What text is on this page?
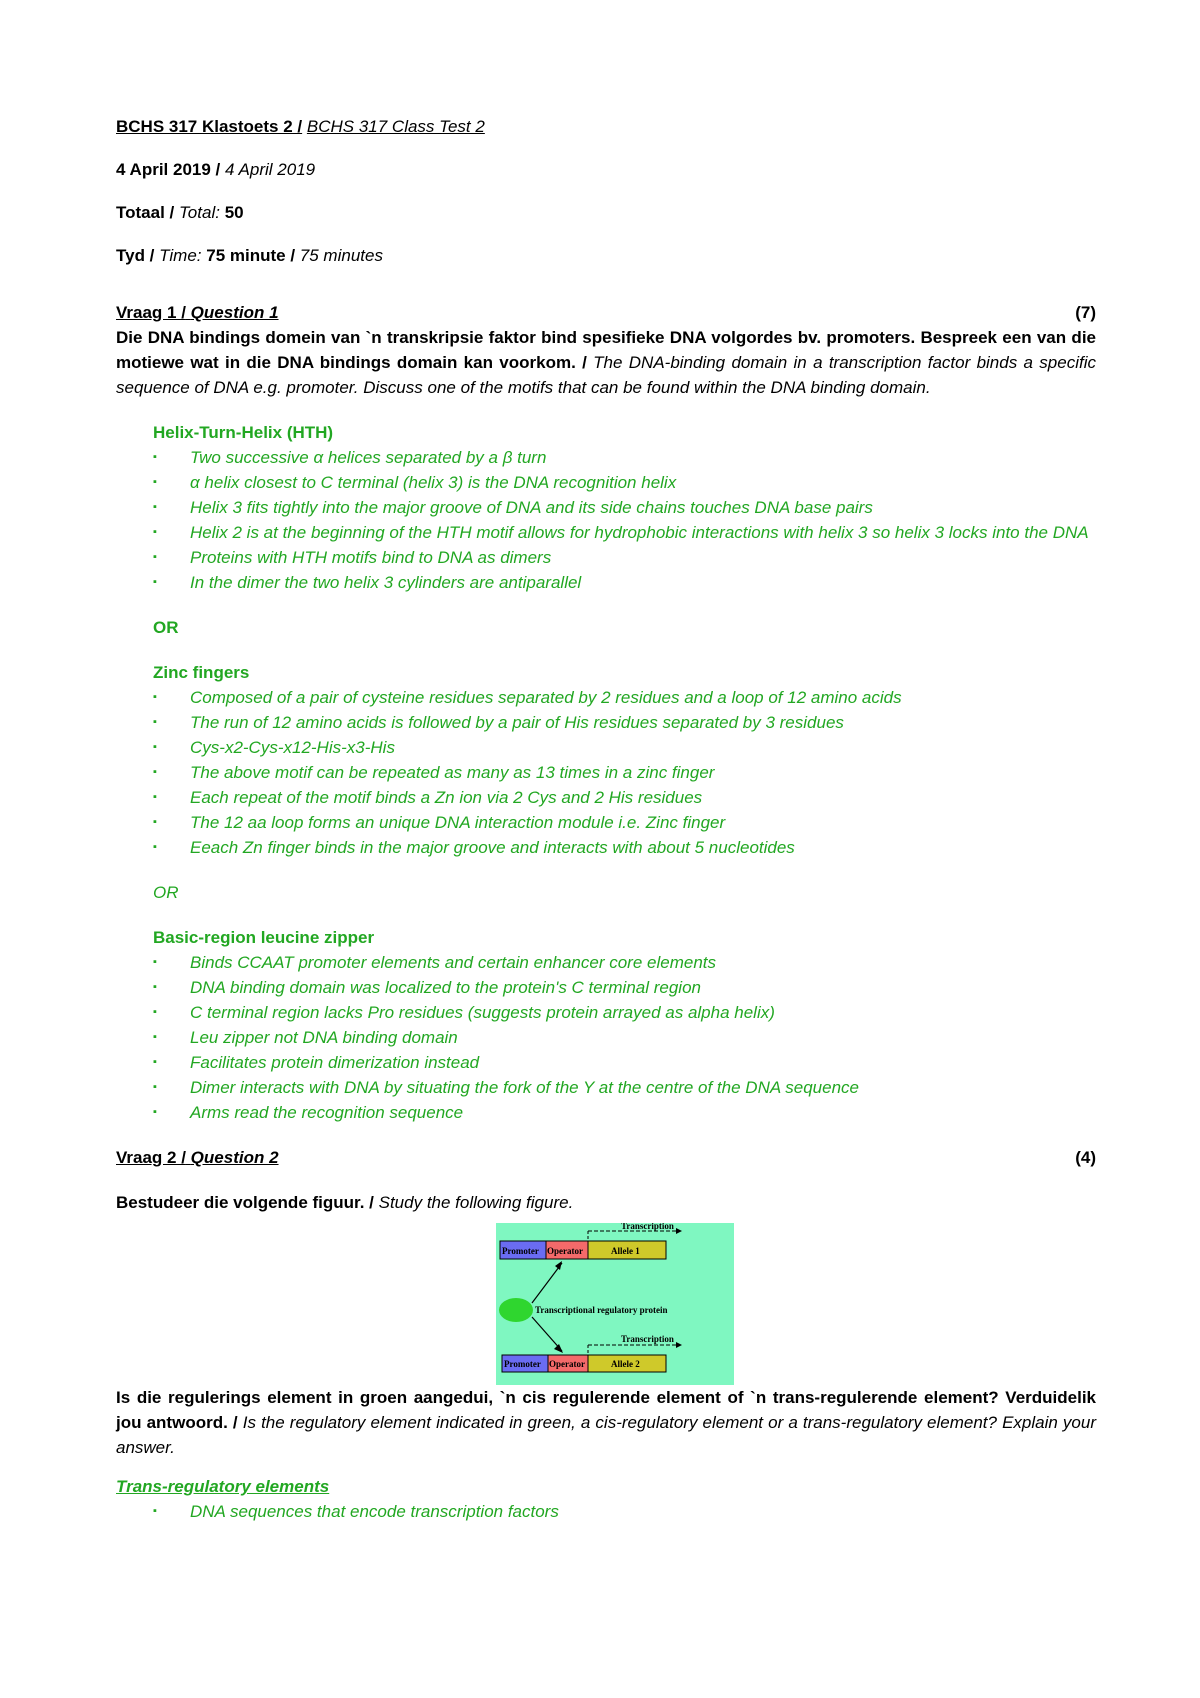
BCHS 317 Klastoets 2 / BCHS 317 Class Test 2
4 April 2019 / 4 April 2019
Totaal / Total: 50
Tyd / Time: 75 minute / 75 minutes
Vraag 1 / Question 1	(7)
Die DNA bindings domein van `n transkripsie faktor bind spesifieke DNA volgordes bv. promoters. Bespreek een van die motiewe wat in die DNA bindings domain kan voorkom. / The DNA-binding domain in a transcription factor binds a specific sequence of DNA e.g. promoter. Discuss one of the motifs that can be found within the DNA binding domain.
Helix-Turn-Helix (HTH)
▪ Two successive α helices separated by a β turn
▪ α helix closest to C terminal (helix 3) is the DNA recognition helix
▪ Helix 3 fits tightly into the major groove of DNA and its side chains touches DNA base pairs
▪ Helix 2 is at the beginning of the HTH motif allows for hydrophobic interactions with helix 3 so helix 3 locks into the DNA
▪ Proteins with HTH motifs bind to DNA as dimers
▪ In the dimer the two helix 3 cylinders are antiparallel
OR
Zinc fingers
▪ Composed of a pair of cysteine residues separated by 2 residues and a loop of 12 amino acids
▪ The run of 12 amino acids is followed by a pair of His residues separated by 3 residues
▪ Cys-x2-Cys-x12-His-x3-His
▪ The above motif can be repeated as many as 13 times in a zinc finger
▪ Each repeat of the motif binds a Zn ion via 2 Cys and 2 His residues
▪ The 12 aa loop forms an unique DNA interaction module i.e. Zinc finger
▪ Eeach Zn finger binds in the major groove and interacts with about 5 nucleotides
OR
Basic-region leucine zipper
▪ Binds CCAAT promoter elements and certain enhancer core elements
▪ DNA binding domain was localized to the protein's C terminal region
▪ C terminal region lacks Pro residues (suggests protein arrayed as alpha helix)
▪ Leu zipper not DNA binding domain
▪ Facilitates protein dimerization instead
▪ Dimer interacts with DNA by situating the fork of the Y at the centre of the DNA sequence
▪ Arms read the recognition sequence
Vraag 2 / Question 2	(4)
Bestudeer die volgende figuur. / Study the following figure.
Transcription
Promoter Operator	Allele 1
Transcriptional regulatory protein
Transcription
Promoter Operator	Allele 2
Is die regulerings element in groen aangedui, `n cis regulerende element of `n trans-regulerende element? Verduidelik jou antwoord. / Is the regulatory element indicated in green, a cis-regulatory element or a trans-regulatory element? Explain your answer.
Trans-regulatory elements
▪ DNA sequences that encode transcription factors
